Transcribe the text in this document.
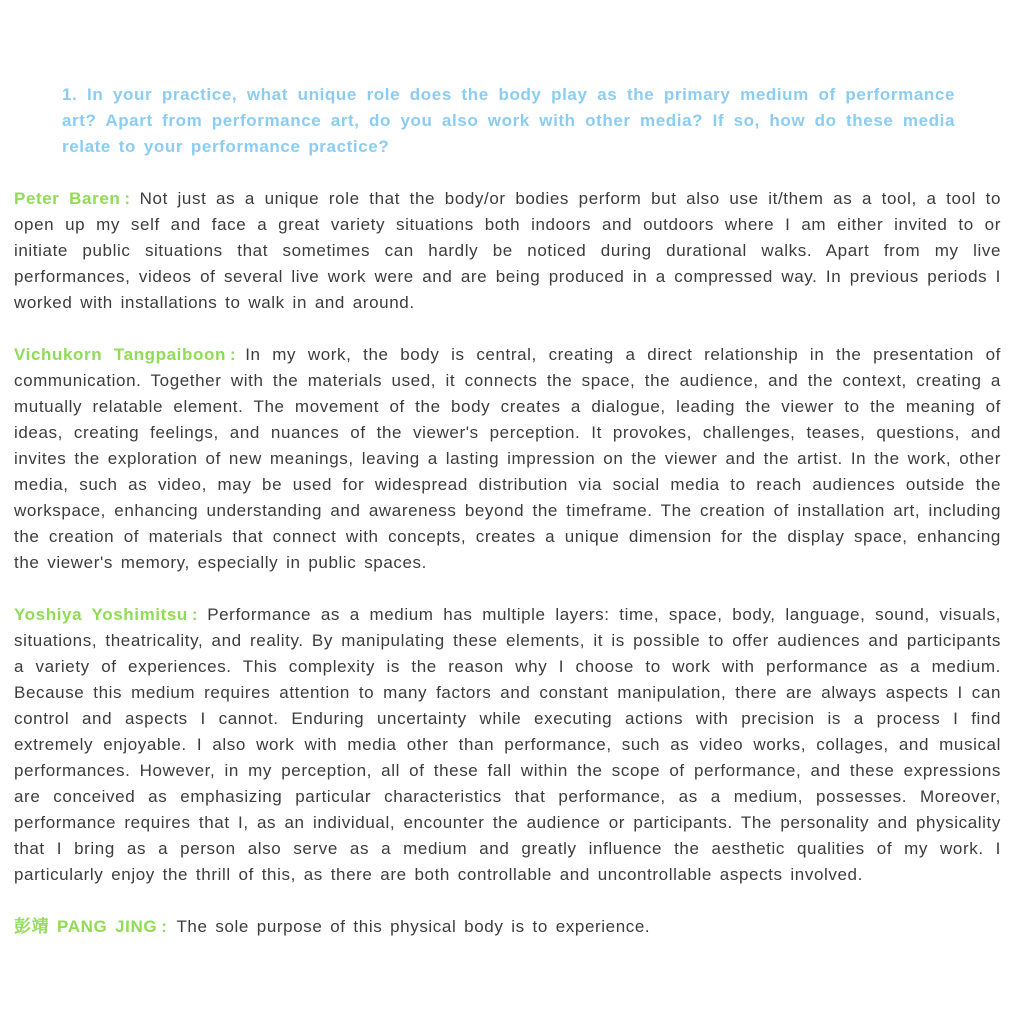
1. In your practice, what unique role does the body play as the primary medium of performance art? Apart from performance art, do you also work with other media? If so, how do these media relate to your performance practice?

Peter Baren : Not just as a unique role that the body/or bodies perform but also use it/them as a tool, a tool to open up my self and face a great variety situations both indoors and outdoors where I am either invited to or initiate public situations that sometimes can hardly be noticed during durational walks. Apart from my live performances, videos of several live work were and are being produced in a compressed way. In previous periods I worked with installations to walk in and around.

Vichukorn Tangpaiboon : In my work, the body is central, creating a direct relationship in the presentation of communication. Together with the materials used, it connects the space, the audience, and the context, creating a mutually relatable element. The movement of the body creates a dialogue, leading the viewer to the meaning of ideas, creating feelings, and nuances of the viewer's perception. It provokes, challenges, teases, questions, and invites the exploration of new meanings, leaving a lasting impression on the viewer and the artist. In the work, other media, such as video, may be used for widespread distribution via social media to reach audiences outside the workspace, enhancing understanding and awareness beyond the timeframe. The creation of installation art, including the creation of materials that connect with concepts, creates a unique dimension for the display space, enhancing the viewer's memory, especially in public spaces.

Yoshiya Yoshimitsu : Performance as a medium has multiple layers: time, space, body, language, sound, visuals, situations, theatricality, and reality. By manipulating these elements, it is possible to offer audiences and participants a variety of experiences. This complexity is the reason why I choose to work with performance as a medium. Because this medium requires attention to many factors and constant manipulation, there are always aspects I can control and aspects I cannot. Enduring uncertainty while executing actions with precision is a process I find extremely enjoyable. I also work with media other than performance, such as video works, collages, and musical performances. However, in my perception, all of these fall within the scope of performance, and these expressions are conceived as emphasizing particular characteristics that performance, as a medium, possesses. Moreover, performance requires that I, as an individual, encounter the audience or participants. The personality and physicality that I bring as a person also serve as a medium and greatly influence the aesthetic qualities of my work. I particularly enjoy the thrill of this, as there are both controllable and uncontrollable aspects involved.

彭靖 PANG JING : The sole purpose of this physical body is to experience.
